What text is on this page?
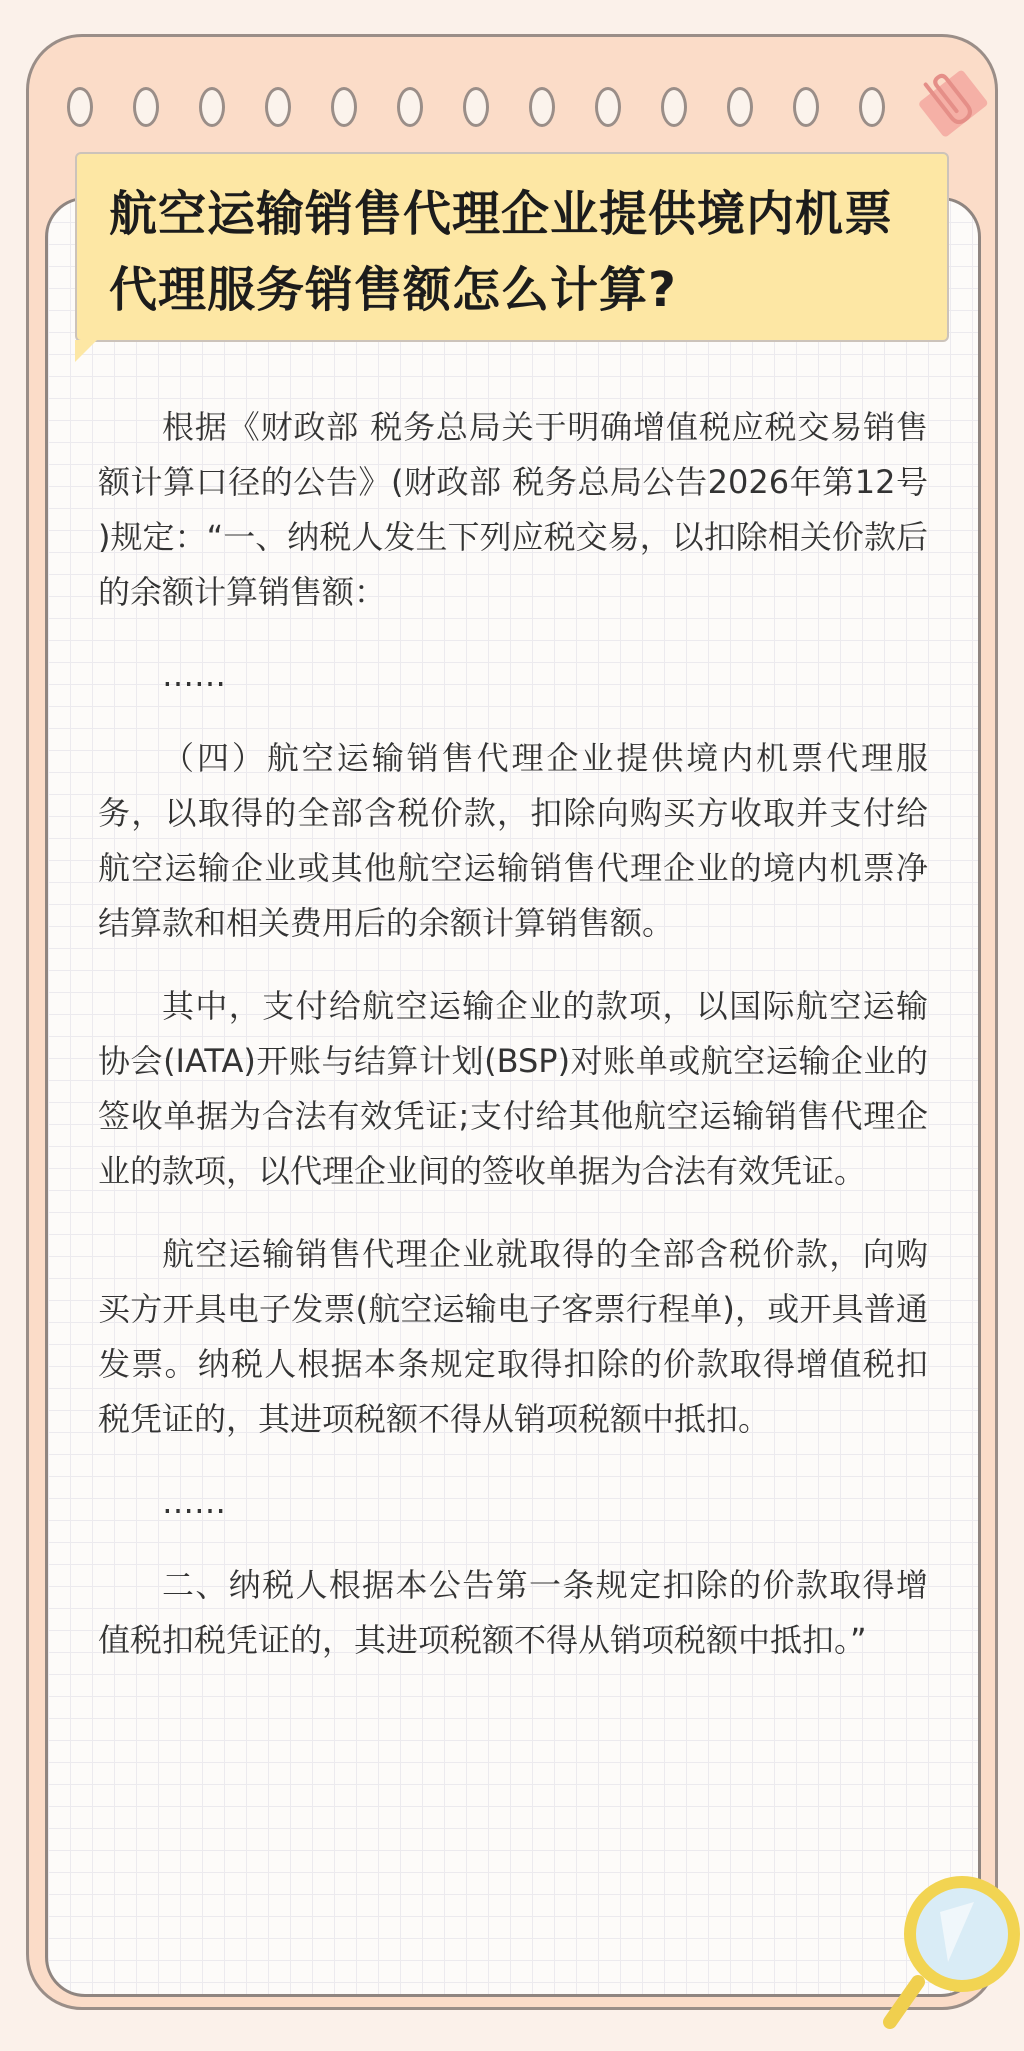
航空运输销售代理企业提供境内机票
代理服务销售额怎么计算?

根据《财政部 税务总局关于明确增值税应税交易销售额计算口径的公告》(财政部 税务总局公告2026年第12号 )规定：“一、纳税人发生下列应税交易，以扣除相关价款后的余额计算销售额：

……

（四）航空运输销售代理企业提供境内机票代理服务，以取得的全部含税价款，扣除向购买方收取并支付给航空运输企业或其他航空运输销售代理企业的境内机票净结算款和相关费用后的余额计算销售额。

其中，支付给航空运输企业的款项，以国际航空运输协会(IATA)开账与结算计划(BSP)对账单或航空运输企业的签收单据为合法有效凭证;支付给其他航空运输销售代理企业的款项，以代理企业间的签收单据为合法有效凭证。

航空运输销售代理企业就取得的全部含税价款，向购买方开具电子发票(航空运输电子客票行程单)，或开具普通发票。纳税人根据本条规定取得扣除的价款取得增值税扣税凭证的，其进项税额不得从销项税额中抵扣。

……

二、纳税人根据本公告第一条规定扣除的价款取得增值税扣税凭证的，其进项税额不得从销项税额中抵扣。”
